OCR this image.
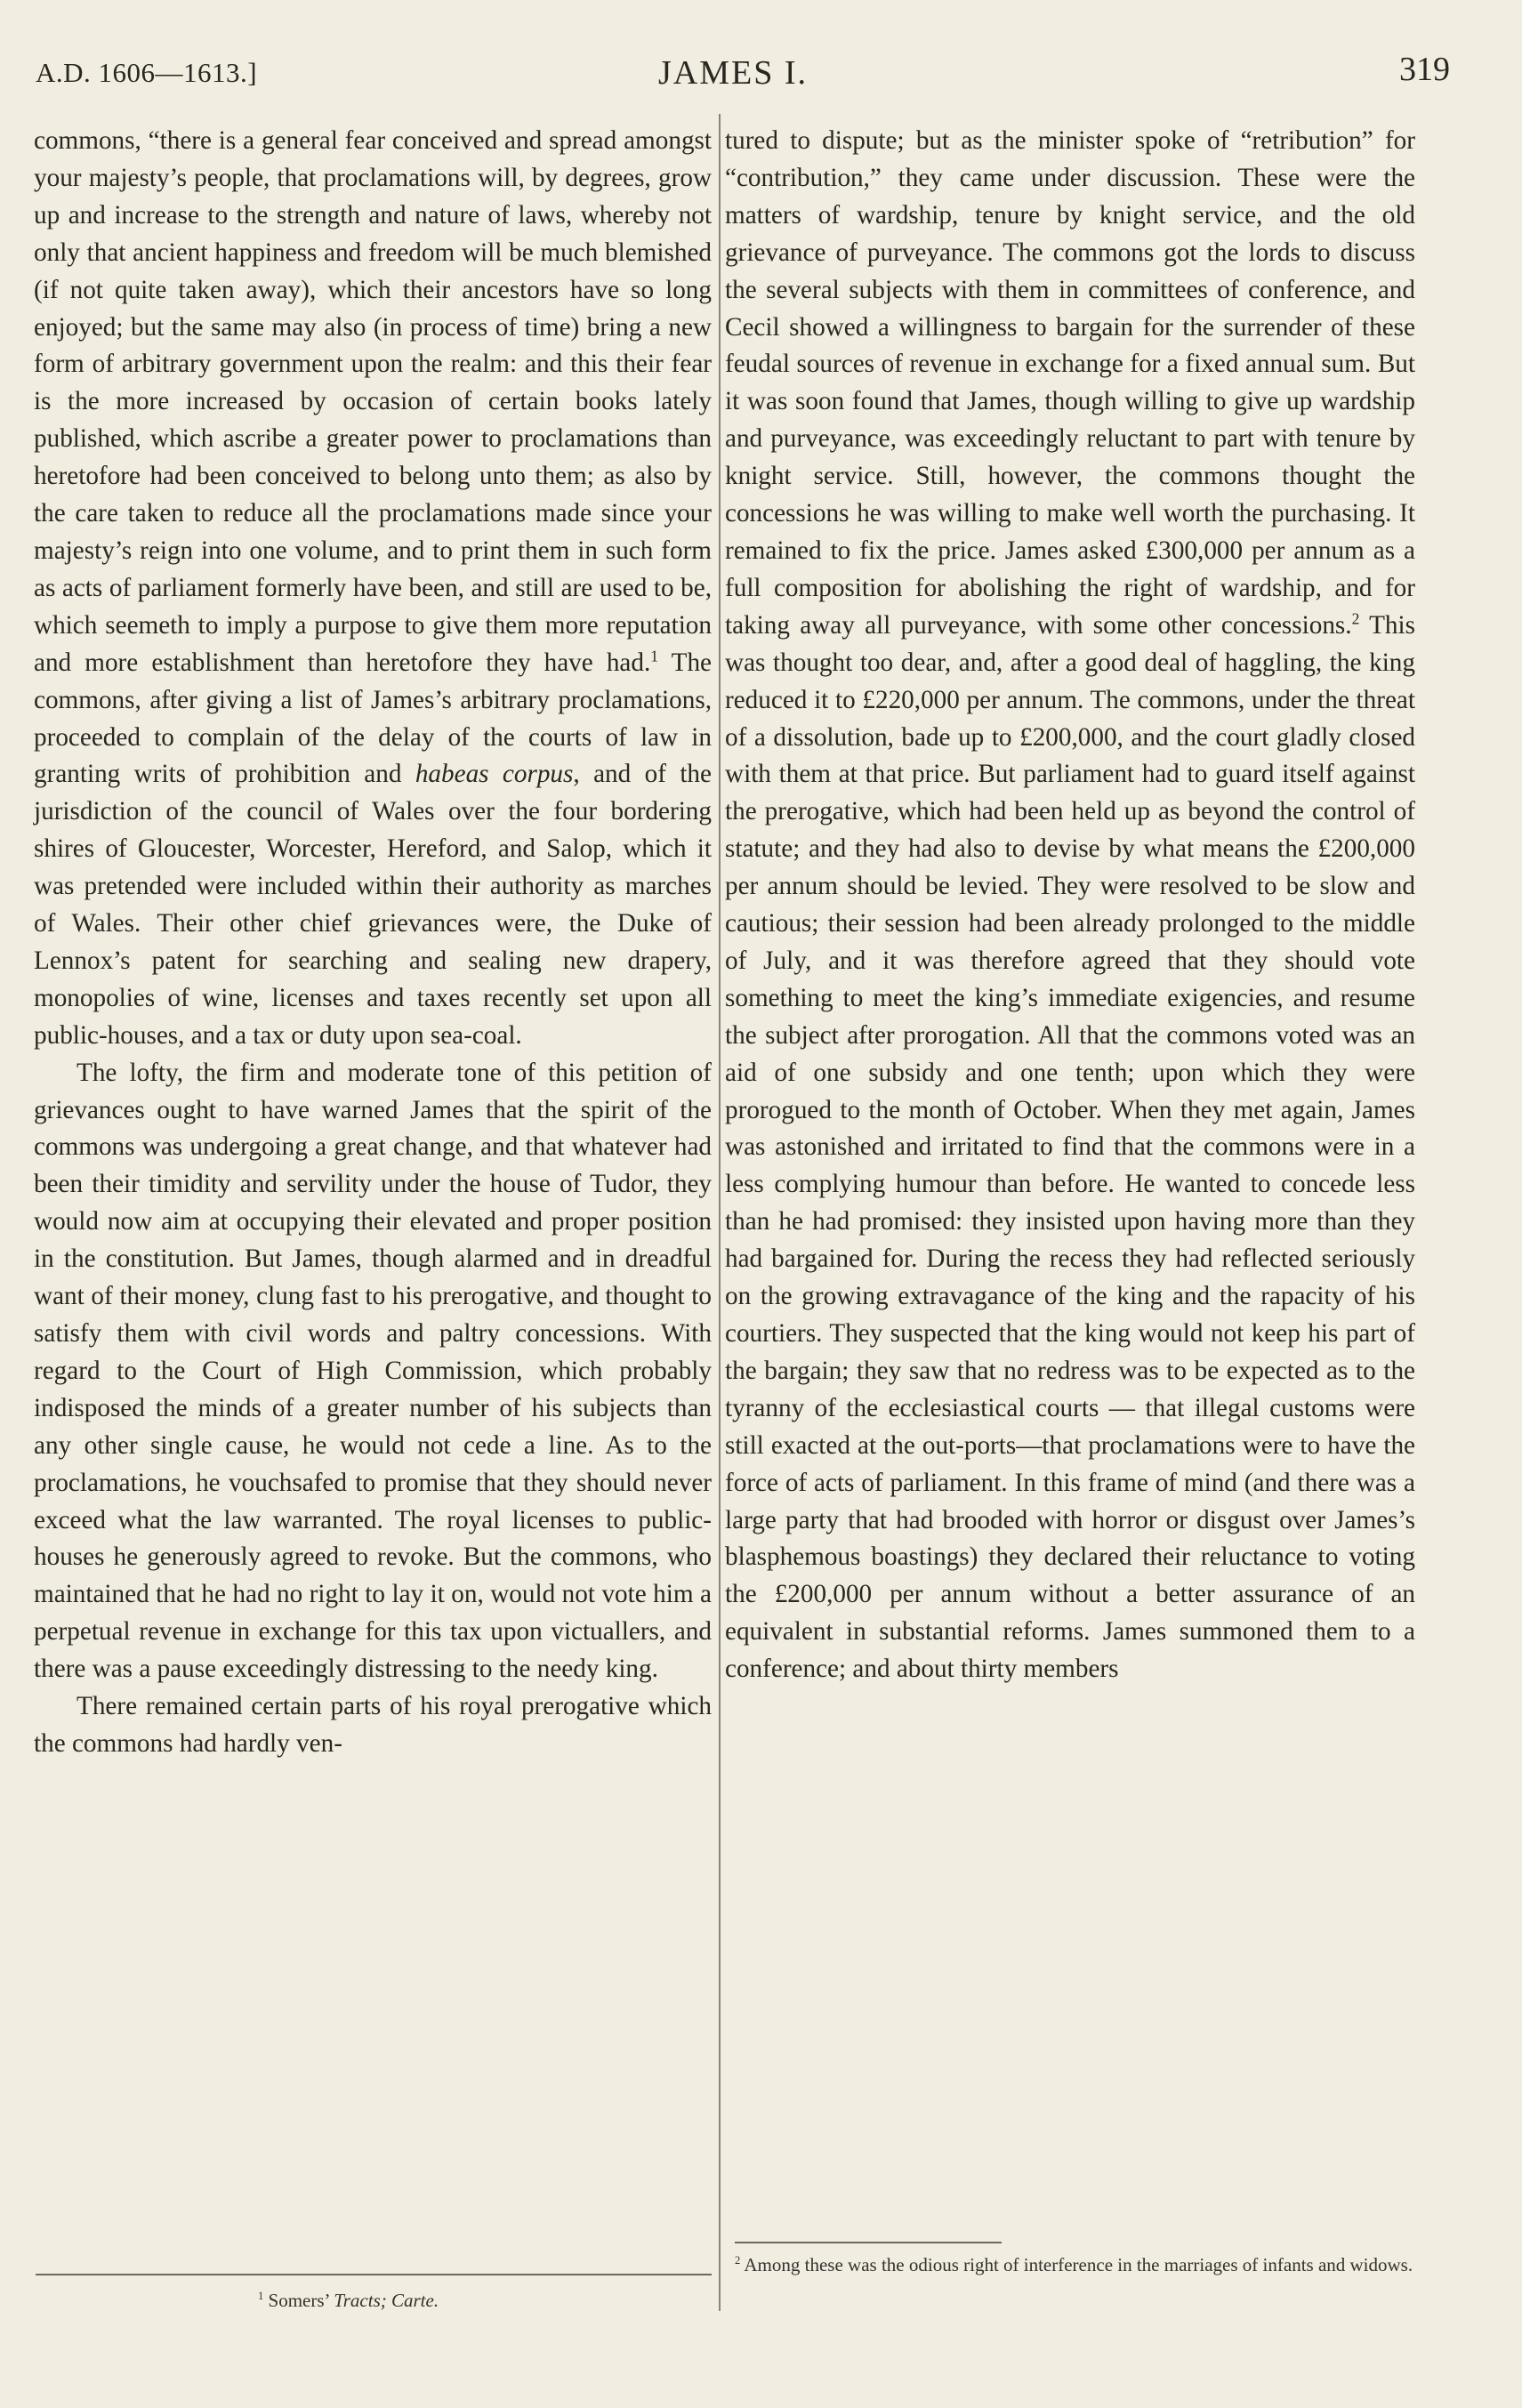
A.D. 1606—1613.]	JAMES I.	319

commons, “there is a general fear conceived and spread amongst your majesty’s people, that proclamations will, by degrees, grow up and increase to the strength and nature of laws, whereby not only that ancient happiness and freedom will be much blemished (if not quite taken away), which their ancestors have so long enjoyed; but the same may also (in process of time) bring a new form of arbitrary government upon the realm: and this their fear is the more increased by occasion of certain books lately published, which ascribe a greater power to proclamations than heretofore had been conceived to belong unto them; as also by the care taken to reduce all the proclamations made since your majesty’s reign into one volume, and to print them in such form as acts of parliament formerly have been, and still are used to be, which seemeth to imply a purpose to give them more reputation and more establishment than heretofore they have had.$^1$ The commons, after giving a list of James’s arbitrary proclamations, proceeded to complain of the delay of the courts of law in granting writs of prohibition and habeas corpus, and of the jurisdiction of the council of Wales over the four bordering shires of Gloucester, Worcester, Hereford, and Salop, which it was pretended were included within their authority as marches of Wales. Their other chief grievances were, the Duke of Lennox’s patent for searching and sealing new drapery, monopolies of wine, licenses and taxes recently set upon all public-houses, and a tax or duty upon sea-coal.

The lofty, the firm and moderate tone of this petition of grievances ought to have warned James that the spirit of the commons was undergoing a great change, and that whatever had been their timidity and servility under the house of Tudor, they would now aim at occupying their elevated and proper position in the constitution. But James, though alarmed and in dreadful want of their money, clung fast to his prerogative, and thought to satisfy them with civil words and paltry concessions. With regard to the Court of High Commission, which probably indisposed the minds of a greater number of his subjects than any other single cause, he would not cede a line. As to the proclamations, he vouchsafed to promise that they should never exceed what the law warranted. The royal licenses to public-houses he generously agreed to revoke. But the commons, who maintained that he had no right to lay it on, would not vote him a perpetual revenue in exchange for this tax upon victuallers, and there was a pause exceedingly distressing to the needy king.

There remained certain parts of his royal prerogative which the commons had hardly ven-

tured to dispute; but as the minister spoke of “retribution” for “contribution,” they came under discussion. These were the matters of wardship, tenure by knight service, and the old grievance of purveyance. The commons got the lords to discuss the several subjects with them in committees of conference, and Cecil showed a willingness to bargain for the surrender of these feudal sources of revenue in exchange for a fixed annual sum. But it was soon found that James, though willing to give up wardship and purveyance, was exceedingly reluctant to part with tenure by knight service. Still, however, the commons thought the concessions he was willing to make well worth the purchasing. It remained to fix the price. James asked £300,000 per annum as a full composition for abolishing the right of wardship, and for taking away all purveyance, with some other concessions.$^2$ This was thought too dear, and, after a good deal of haggling, the king reduced it to £220,000 per annum. The commons, under the threat of a dissolution, bade up to £200,000, and the court gladly closed with them at that price. But parliament had to guard itself against the prerogative, which had been held up as beyond the control of statute; and they had also to devise by what means the £200,000 per annum should be levied. They were resolved to be slow and cautious; their session had been already prolonged to the middle of July, and it was therefore agreed that they should vote something to meet the king’s immediate exigencies, and resume the subject after prorogation. All that the commons voted was an aid of one subsidy and one tenth; upon which they were prorogued to the month of October. When they met again, James was astonished and irritated to find that the commons were in a less complying humour than before. He wanted to concede less than he had promised: they insisted upon having more than they had bargained for. During the recess they had reflected seriously on the growing extravagance of the king and the rapacity of his courtiers. They suspected that the king would not keep his part of the bargain; they saw that no redress was to be expected as to the tyranny of the ecclesiastical courts — that illegal customs were still exacted at the out-ports—that proclamations were to have the force of acts of parliament. In this frame of mind (and there was a large party that had brooded with horror or disgust over James’s blasphemous boastings) they declared their reluctance to voting the £200,000 per annum without a better assurance of an equivalent in substantial reforms. James summoned them to a conference; and about thirty members

$^1$ Somers’ Tracts; Carte.
$^2$ Among these was the odious right of interference in the marriages of infants and widows.
